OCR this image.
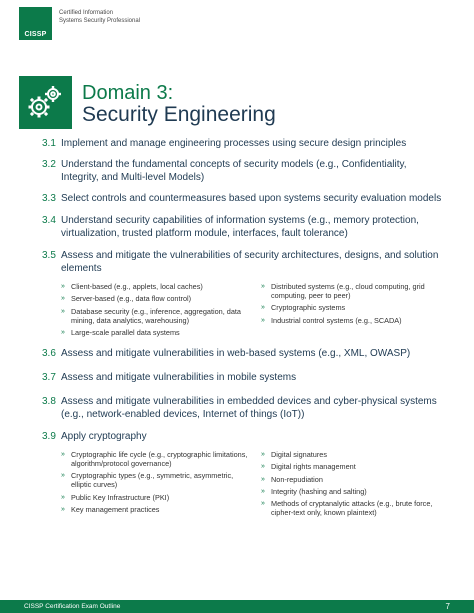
CISSP
Certified Information
Systems Security Professional
Domain 3:
Security Engineering
3.1 Implement and manage engineering processes using secure design principles
3.2 Understand the fundamental concepts of security models (e.g., Confidentiality, Integrity, and Multi-level Models)
3.3 Select controls and countermeasures based upon systems security evaluation models
3.4 Understand security capabilities of information systems (e.g., memory protection, virtualization, trusted platform module, interfaces, fault tolerance)
3.5 Assess and mitigate the vulnerabilities of security architectures, designs, and solution elements
» Client-based (e.g., applets, local caches)
» Server-based (e.g., data flow control)
» Database security (e.g., inference, aggregation, data mining, data analytics, warehousing)
» Large-scale parallel data systems
» Distributed systems (e.g., cloud computing, grid computing, peer to peer)
» Cryptographic systems
» Industrial control systems (e.g., SCADA)
3.6 Assess and mitigate vulnerabilities in web-based systems (e.g., XML, OWASP)
3.7 Assess and mitigate vulnerabilities in mobile systems
3.8 Assess and mitigate vulnerabilities in embedded devices and cyber-physical systems (e.g., network-enabled devices, Internet of things (IoT))
3.9 Apply cryptography
» Cryptographic life cycle (e.g., cryptographic limitations, algorithm/protocol governance)
» Cryptographic types (e.g., symmetric, asymmetric, elliptic curves)
» Public Key Infrastructure (PKI)
» Key management practices
» Digital signatures
» Digital rights management
» Non-repudiation
» Integrity (hashing and salting)
» Methods of cryptanalytic attacks (e.g., brute force, cipher-text only, known plaintext)
CISSP Certification Exam Outline	7
